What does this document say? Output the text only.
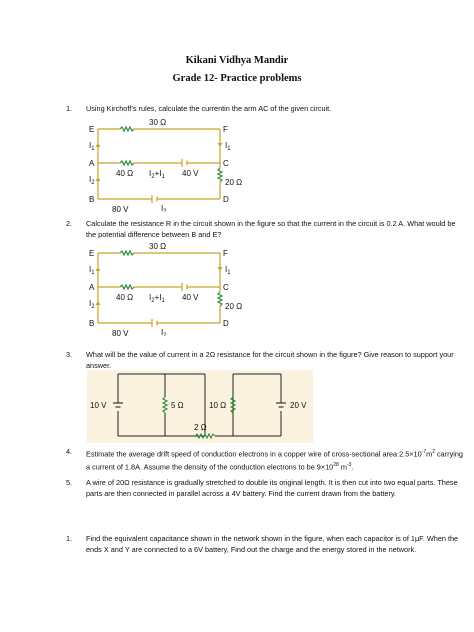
Kikani Vidhya Mandir
Grade 12- Practice problems
1. Using Kirchoff’s rules, calculate the currentin the arm AC of the given circuit.
30 Ω
E	F
A	C
B	D
$I_1$	$I_1$
$I_2$
40 Ω $I_2+I_1$ 40 V
20 Ω
80 V	$I_2$
2. Calculate the resistance R in the circuit shown in the figure so that the current in the circuit is 0.2 A. What would be the potential difference between B and E?
30 Ω
E	F
A	C
B	D
$I_1$	$I_1$
$I_2$
40 Ω $I_2+I_1$ 40 V
20 Ω
80 V	$I_2$
3. What will be the value of current in a 2Ω resistance for the circuit shown in the figure? Give reason to support your answer.
10 V	5 Ω	10 Ω
2 Ω
20 V
4. Estimate the average drift speed of conduction electrons in a copper wire of cross-sectional area $2.5\times 10^{-7}m^2$ carrying a current of 1.8A. Assume the density of the conduction electrons to be $9\times 10^{28}$ $m^{-3}$.
5. A wire of 20Ω resistance is gradually stretched to double its original length. It is then cut into two equal parts. These parts are then connected in parallel across a 4V battery. Find the current drawn from the battery.
1. Find the equivalent capacitance shown in the network shown in the figure, when each capacitor is of 1μF. When the ends X and Y are connected to a 6V battery, Find out the charge and the energy stored in the network.
